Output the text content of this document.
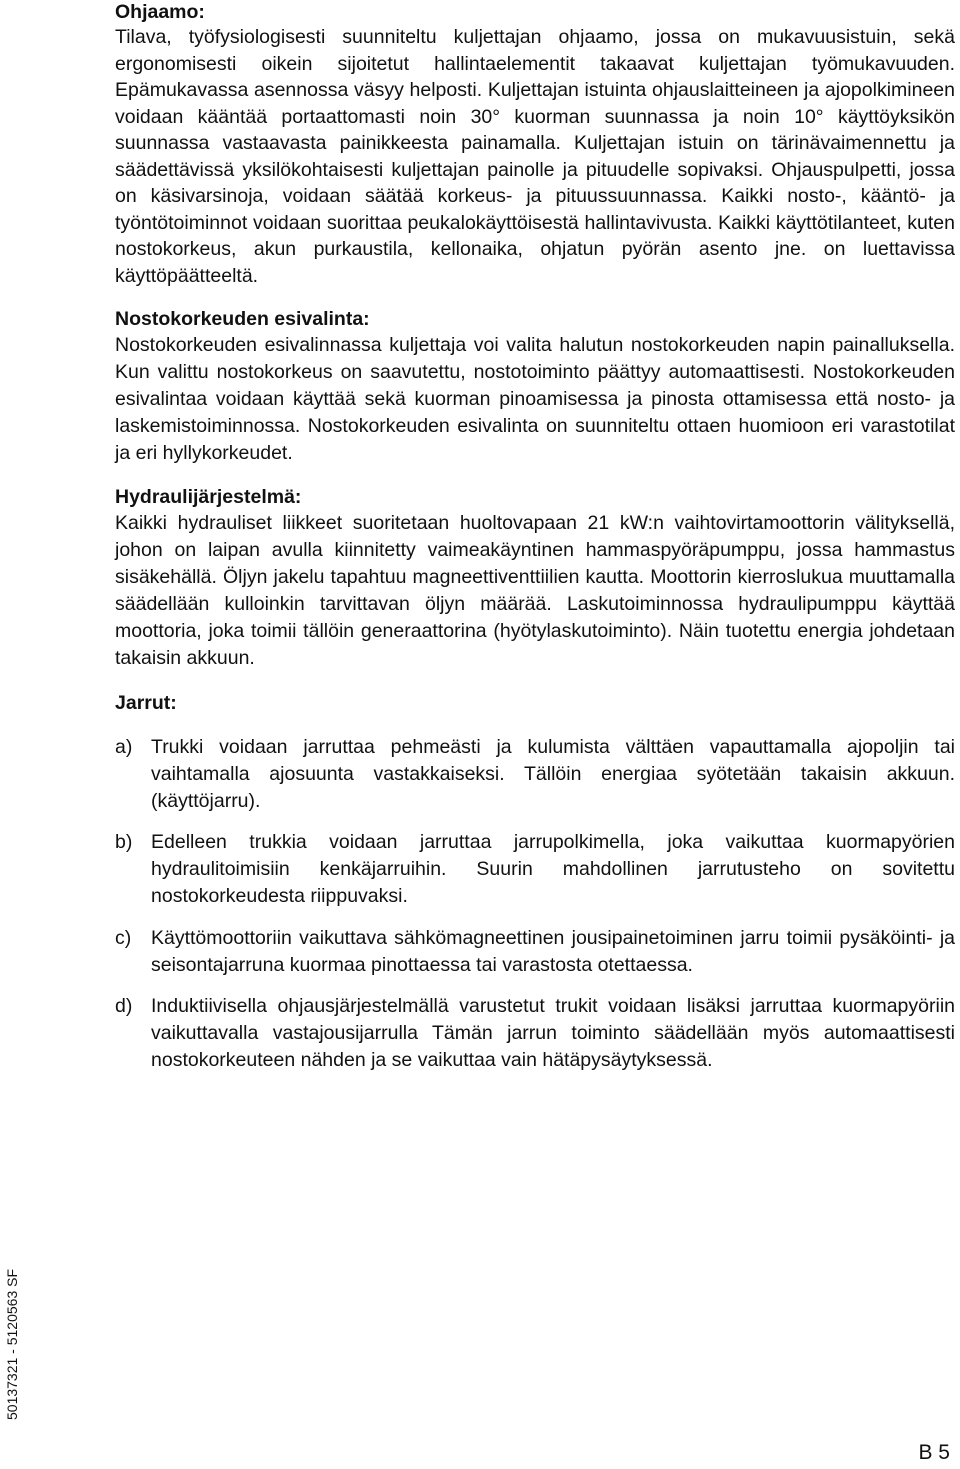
Ohjaamo:

Tilava, työfysiologisesti suunniteltu kuljettajan ohjaamo, jossa on mukavuusistuin, sekä ergonomisesti oikein sijoitetut hallintaelementit takaavat kuljettajan työmukavuuden. Epämukavassa asennossa väsyy helposti. Kuljettajan istuinta ohjauslaitteineen ja ajopolkimineen voidaan kääntää portaattomasti noin 30° kuorman suunnassa ja noin 10° käyttöyksikön suunnassa vastaavasta painikkeesta painamalla. Kuljettajan istuin on tärinävaimennettu ja säädettävissä yksilökohtaisesti kuljettajan painolle ja pituudelle sopivaksi. Ohjauspulpetti, jossa on käsivarsinoja, voidaan säätää korkeus- ja pituussuunnassa. Kaikki nosto-, kääntö- ja työntötoiminnot voidaan suorittaa peukalokäyttöisestä hallintavivusta. Kaikki käyttötilanteet, kuten nostokorkeus, akun purkaustila, kellonaika, ohjatun pyörän asento jne. on luettavissa käyttöpäätteeltä.

Nostokorkeuden esivalinta:

Nostokorkeuden esivalinnassa kuljettaja voi valita halutun nostokorkeuden napin painalluksella. Kun valittu nostokorkeus on saavutettu, nostotoiminto päättyy automaattisesti. Nostokorkeuden esivalintaa voidaan käyttää sekä kuorman pinoamisessa ja pinosta ottamisessa että nosto- ja laskemistoiminnossa. Nostokorkeuden esivalinta on suunniteltu ottaen huomioon eri varastotilat ja eri hyllykorkeudet.

Hydraulijärjestelmä:

Kaikki hydrauliset liikkeet suoritetaan huoltovapaan 21 kW:n vaihtovirtamoottorin välityksellä, johon on laipan avulla kiinnitetty vaimeakäyntinen hammaspyöräpumppu, jossa hammastus sisäkehällä. Öljyn jakelu tapahtuu magneettiventtiilien kautta. Moottorin kierroslukua muuttamalla säädellään kulloinkin tarvittavan öljyn määrää. Laskutoiminnossa hydraulipumppu käyttää moottoria, joka toimii tällöin generaattorina (hyötylaskutoiminto). Näin tuotettu energia johdetaan takaisin akkuun.

Jarrut:
a) Trukki voidaan jarruttaa pehmeästi ja kulumista välttäen vapauttamalla ajopoljin tai vaihtamalla ajosuunta vastakkaiseksi. Tällöin energiaa syötetään takaisin akkuun. (käyttöjarru).
b) Edelleen trukkia voidaan jarruttaa jarrupolkimella, joka vaikuttaa kuormapyörien hydraulitoimisiin kenkäjarruihin. Suurin mahdollinen jarrutusteho on sovitettu nostokorkeudesta riippuvaksi.
c)	Käyttömoottoriin vaikuttava sähkömagneettinen jousipainetoiminen jarru toimii pysäköinti- ja seisontajarruna kuormaa pinottaessa tai varastosta otettaessa.
d) Induktiivisella ohjausjärjestelmällä varustetut trukit voidaan lisäksi jarruttaa kuormapyöriin vaikuttavalla vastajousijarrulla Tämän jarrun toiminto säädellään myös automaattisesti nostokorkeuteen nähden ja se vaikuttaa vain hätäpysäytyksessä.
50137321 - 5120563 SF
B 5
